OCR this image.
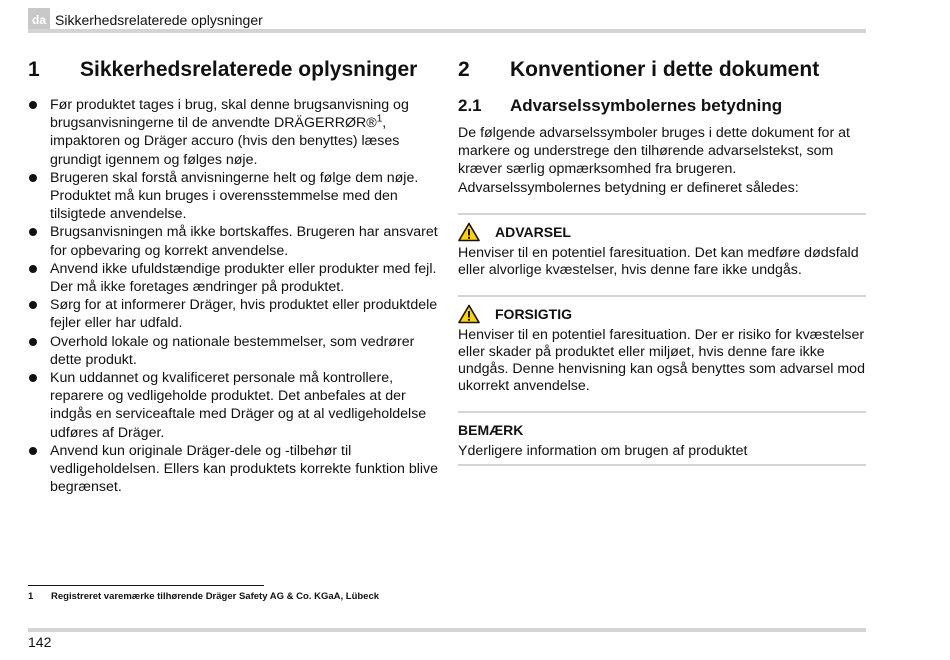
da Sikkerhedsrelaterede oplysninger
1	Sikkerhedsrelaterede oplysninger
Før produktet tages i brug, skal denne brugsanvisning og brugsanvisningerne til de anvendte DRÄGERRØR®$^1$, impaktoren og Dräger accuro (hvis den benyttes) læses grundigt igennem og følges nøje.
Brugeren skal forstå anvisningerne helt og følge dem nøje. Produktet må kun bruges i overensstemmelse med den tilsigtede anvendelse.
Brugsanvisningen må ikke bortskaffes. Brugeren har ansvaret for opbevaring og korrekt anvendelse.
Anvend ikke ufuldstændige produkter eller produkter med fejl. Der må ikke foretages ændringer på produktet.
Sørg for at informerer Dräger, hvis produktet eller produktdele fejler eller har udfald.
Overhold lokale og nationale bestemmelser, som vedrører dette produkt.
Kun uddannet og kvalificeret personale må kontrollere, reparere og vedligeholde produktet. Det anbefales at der indgås en serviceaftale med Dräger og at al vedligeholdelse udføres af Dräger.
Anvend kun originale Dräger-dele og -tilbehør til vedligeholdelsen. Ellers kan produktets korrekte funktion blive begrænset.
2	Konventioner i dette dokument
2.1	Advarselssymbolernes betydning

De følgende advarselssymboler bruges i dette dokument for at markere og understrege den tilhørende advarselstekst, som kræver særlig opmærksomhed fra brugeren. Advarselssymbolernes betydning er defineret således:

ADVARSEL
Henviser til en potentiel faresituation. Det kan medføre dødsfald eller alvorlige kvæstelser, hvis denne fare ikke undgås.
FORSIGTIG
Henviser til en potentiel faresituation. Der er risiko for kvæstelser eller skader på produktet eller miljøet, hvis denne fare ikke undgås. Denne henvisning kan også benyttes som advarsel mod ukorrekt anvendelse.
BEMÆRK
Yderligere information om brugen af produktet
1	Registreret varemærke tilhørende Dräger Safety AG & Co. KGaA, Lübeck
142
